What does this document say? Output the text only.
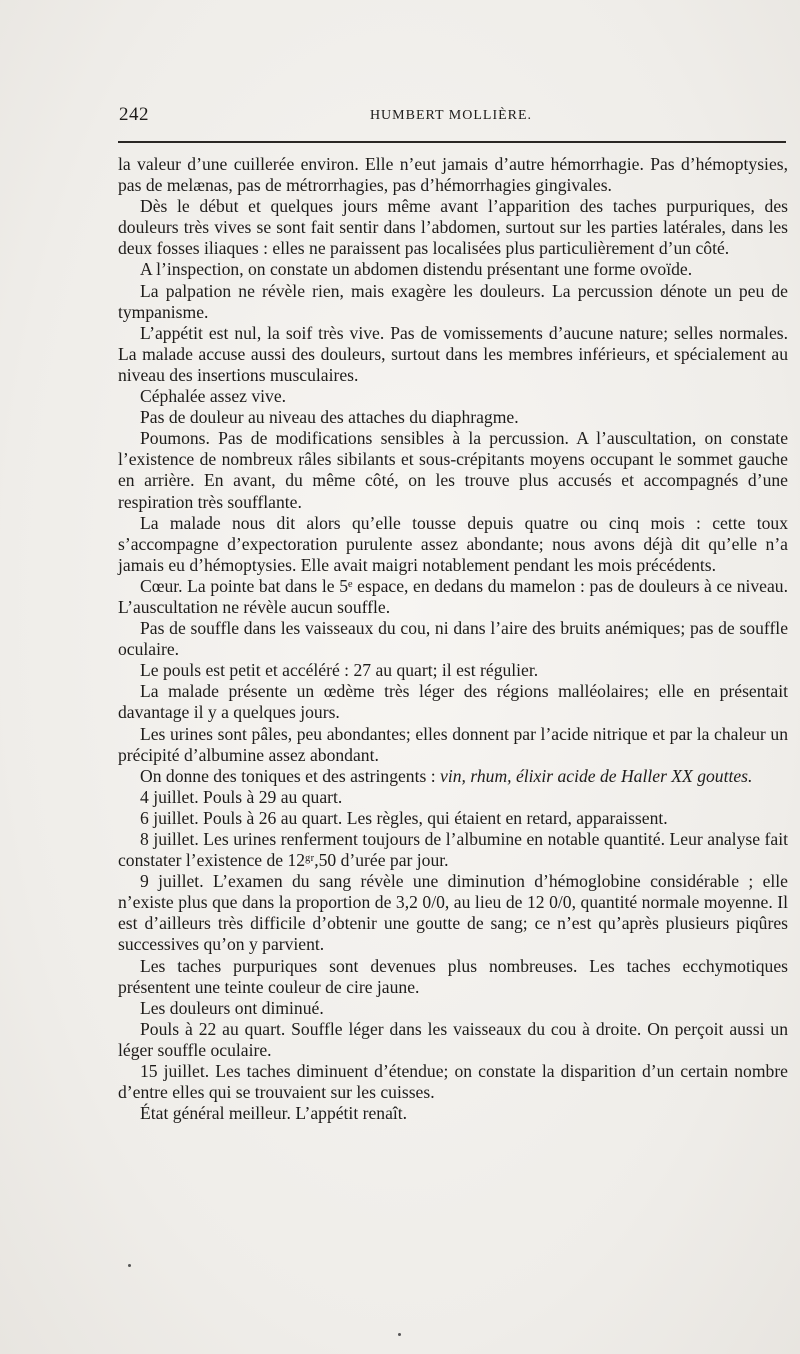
242	HUMBERT MOLLIÈRE.

la valeur d’une cuillerée environ. Elle n’eut jamais d’autre hémorrhagie. Pas d’hémoptysies, pas de melænas, pas de métrorrhagies, pas d’hémorrhagies gingivales.

Dès le début et quelques jours même avant l’apparition des taches purpuriques, des douleurs très vives se sont fait sentir dans l’abdomen, surtout sur les parties latérales, dans les deux fosses iliaques : elles ne paraissent pas localisées plus particulièrement d’un côté.

A l’inspection, on constate un abdomen distendu présentant une forme ovoïde.

La palpation ne révèle rien, mais exagère les douleurs. La percussion dénote un peu de tympanisme.

L’appétit est nul, la soif très vive. Pas de vomissements d’aucune nature; selles normales. La malade accuse aussi des douleurs, surtout dans les membres inférieurs, et spécialement au niveau des insertions musculaires.

Céphalée assez vive.

Pas de douleur au niveau des attaches du diaphragme.

Poumons. Pas de modifications sensibles à la percussion. A l’auscultation, on constate l’existence de nombreux râles sibilants et sous-crépitants moyens occupant le sommet gauche en arrière. En avant, du même côté, on les trouve plus accusés et accompagnés d’une respiration très soufflante.

La malade nous dit alors qu’elle tousse depuis quatre ou cinq mois : cette toux s’accompagne d’expectoration purulente assez abondante; nous avons déjà dit qu’elle n’a jamais eu d’hémoptysies. Elle avait maigri notablement pendant les mois précédents.

Cœur. La pointe bat dans le 5ᵉ espace, en dedans du mamelon : pas de douleurs à ce niveau. L’auscultation ne révèle aucun souffle.

Pas de souffle dans les vaisseaux du cou, ni dans l’aire des bruits anémiques; pas de souffle oculaire.

Le pouls est petit et accéléré : 27 au quart; il est régulier.

La malade présente un œdème très léger des régions malléolaires; elle en présentait davantage il y a quelques jours.

Les urines sont pâles, peu abondantes; elles donnent par l’acide nitrique et par la chaleur un précipité d’albumine assez abondant.

On donne des toniques et des astringents : vin, rhum, élixir acide de Haller XX gouttes.

4 juillet. Pouls à 29 au quart.

6 juillet. Pouls à 26 au quart. Les règles, qui étaient en retard, apparaissent.

8 juillet. Les urines renferment toujours de l’albumine en notable quantité. Leur analyse fait constater l’existence de 12ᵍʳ,50 d’urée par jour.

9 juillet. L’examen du sang révèle une diminution d’hémoglobine considérable ; elle n’existe plus que dans la proportion de 3,2 0/0, au lieu de 12 0/0, quantité normale moyenne. Il est d’ailleurs très difficile d’obtenir une goutte de sang; ce n’est qu’après plusieurs piqûres successives qu’on y parvient.

Les taches purpuriques sont devenues plus nombreuses. Les taches ecchymotiques présentent une teinte couleur de cire jaune.

Les douleurs ont diminué.

Pouls à 22 au quart. Souffle léger dans les vaisseaux du cou à droite. On perçoit aussi un léger souffle oculaire.

15 juillet. Les taches diminuent d’étendue; on constate la disparition d’un certain nombre d’entre elles qui se trouvaient sur les cuisses.

État général meilleur. L’appétit renaît.
